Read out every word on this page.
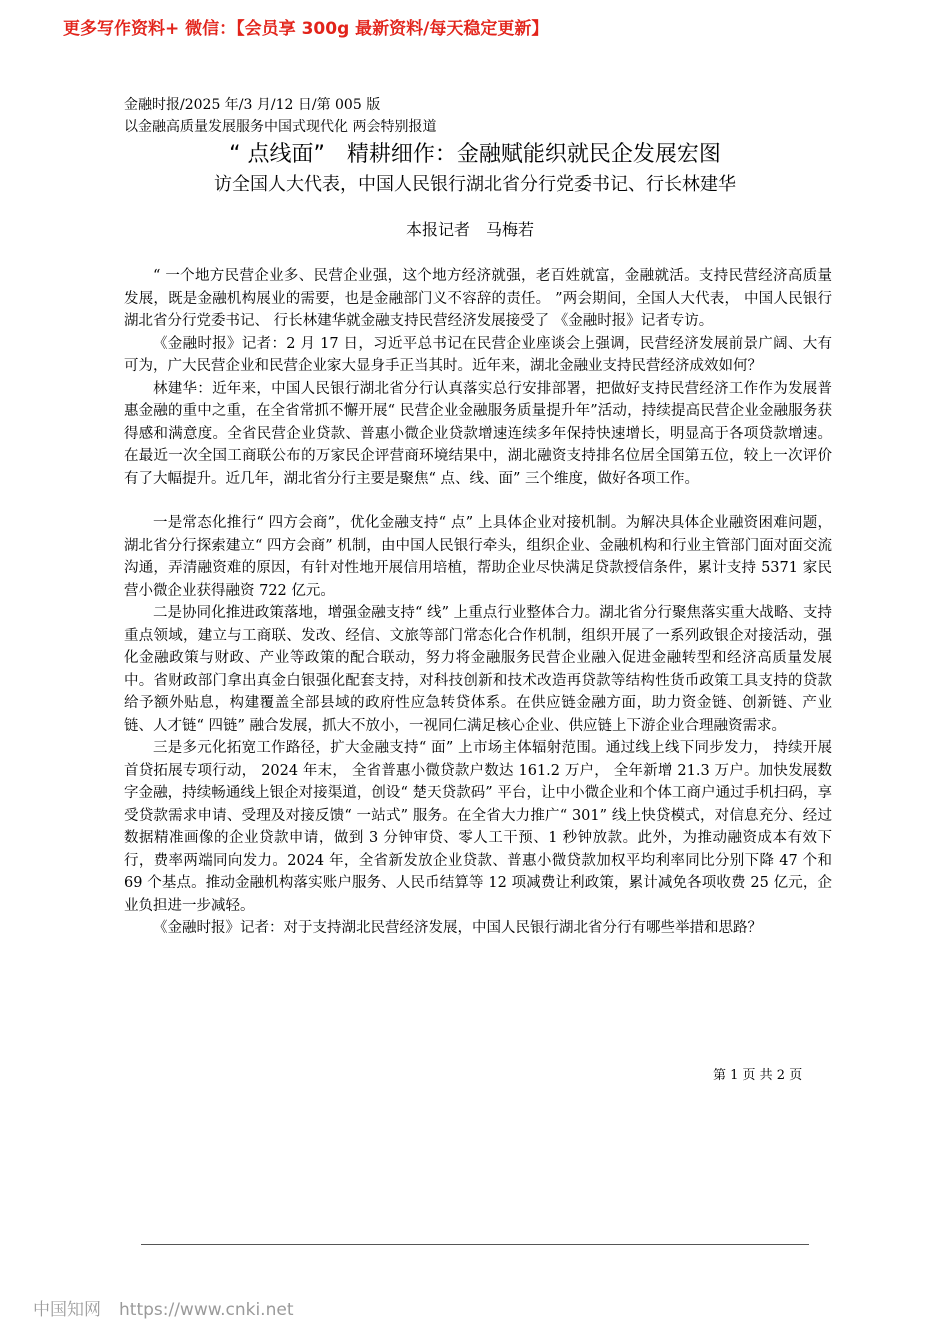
更多写作资料+ 微信：【会员享 300g 最新资料/每天稳定更新】
金融时报/2025 年/3 月/12 日/第 005 版
以金融高质量发展服务中国式现代化 两会特别报道
“ 点线面”　精耕细作：金融赋能织就民企发展宏图
访全国人大代表，中国人民银行湖北省分行党委书记、行长林建华
本报记者　马梅若

“ 一个地方民营企业多、民营企业强，这个地方经济就强，老百姓就富，金融就活。支持民营经济高质量发展，既是金融机构展业的需要，也是金融部门义不容辞的责任。 ”两会期间，全国人大代表， 中国人民银行湖北省分行党委书记、 行长林建华就金融支持民营经济发展接受了 《金融时报》记者专访。

《金融时报》记者：2 月 17 日，习近平总书记在民营企业座谈会上强调，民营经济发展前景广阔、大有可为，广大民营企业和民营企业家大显身手正当其时。近年来，湖北金融业支持民营经济成效如何？

林建华：近年来，中国人民银行湖北省分行认真落实总行安排部署，把做好支持民营经济工作作为发展普惠金融的重中之重，在全省常抓不懈开展“ 民营企业金融服务质量提升年”活动，持续提高民营企业金融服务获得感和满意度。全省民营企业贷款、普惠小微企业贷款增速连续多年保持快速增长，明显高于各项贷款增速。在最近一次全国工商联公布的万家民企评营商环境结果中，湖北融资支持排名位居全国第五位，较上一次评价有了大幅提升。近几年，湖北省分行主要是聚焦“ 点、线、面” 三个维度，做好各项工作。

一是常态化推行“ 四方会商”，优化金融支持“ 点” 上具体企业对接机制。为解决具体企业融资困难问题，湖北省分行探索建立“ 四方会商” 机制，由中国人民银行牵头，组织企业、金融机构和行业主管部门面对面交流沟通，弄清融资难的原因，有针对性地开展信用培植，帮助企业尽快满足贷款授信条件，累计支持 5371 家民营小微企业获得融资 722 亿元。

二是协同化推进政策落地，增强金融支持“ 线” 上重点行业整体合力。湖北省分行聚焦落实重大战略、支持重点领域，建立与工商联、发改、经信、文旅等部门常态化合作机制，组织开展了一系列政银企对接活动，强化金融政策与财政、产业等政策的配合联动，努力将金融服务民营企业融入促进金融转型和经济高质量发展中。省财政部门拿出真金白银强化配套支持，对科技创新和技术改造再贷款等结构性货币政策工具支持的贷款给予额外贴息，构建覆盖全部县域的政府性应急转贷体系。在供应链金融方面，助力资金链、创新链、产业链、人才链“ 四链” 融合发展，抓大不放小，一视同仁满足核心企业、供应链上下游企业合理融资需求。

三是多元化拓宽工作路径，扩大金融支持“ 面” 上市场主体辐射范围。通过线上线下同步发力， 持续开展首贷拓展专项行动， 2024 年末， 全省普惠小微贷款户数达 161.2 万户， 全年新增 21.3 万户。加快发展数字金融，持续畅通线上银企对接渠道，创设“ 楚天贷款码” 平台，让中小微企业和个体工商户通过手机扫码，享受贷款需求申请、受理及对接反馈“ 一站式” 服务。在全省大力推广“ 301” 线上快贷模式，对信息充分、经过数据精准画像的企业贷款申请，做到 3 分钟审贷、零人工干预、1 秒钟放款。此外，为推动融资成本有效下行，费率两端同向发力。2024 年，全省新发放企业贷款、普惠小微贷款加权平均利率同比分别下降 47 个和 69 个基点。推动金融机构落实账户服务、人民币结算等 12 项减费让利政策，累计减免各项收费 25 亿元，企业负担进一步减轻。

《金融时报》记者：对于支持湖北民营经济发展，中国人民银行湖北省分行有哪些举措和思路？

第 1 页 共 2 页
中国知网 https://www.cnki.net
